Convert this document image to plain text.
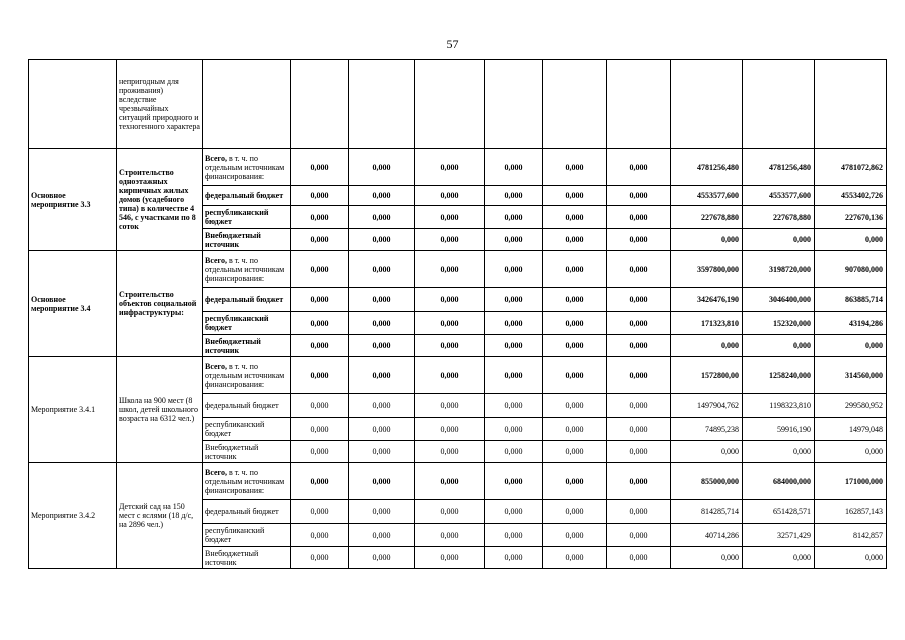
57
	непригодным для проживания) вследствие чрезвычайных ситуаций природного и техногенного характера										
Основное мероприятие 3.3	Строительство одноэтажных кирпичных жилых домов (усадебного типа) в количестве 4 546, с участками по 8 соток	Всего, в т. ч. по отдельным источникам финансирования:	0,000	0,000	0,000	0,000	0,000	0,000	4781256,480	4781256,480	4781072,862
		федеральный бюджет	0,000	0,000	0,000	0,000	0,000	0,000	4553577,600	4553577,600	4553402,726
		республиканский бюджет	0,000	0,000	0,000	0,000	0,000	0,000	227678,880	227678,880	227670,136
		Внебюджетный источник	0,000	0,000	0,000	0,000	0,000	0,000	0,000	0,000	0,000
Основное мероприятие 3.4	Строительство объектов социальной инфраструктуры:	Всего, в т. ч. по отдельным источникам финансирования:	0,000	0,000	0,000	0,000	0,000	0,000	3597800,000	3198720,000	907080,000
		федеральный бюджет	0,000	0,000	0,000	0,000	0,000	0,000	3426476,190	3046400,000	863885,714
		республиканский бюджет	0,000	0,000	0,000	0,000	0,000	0,000	171323,810	152320,000	43194,286
		Внебюджетный источник	0,000	0,000	0,000	0,000	0,000	0,000	0,000	0,000	0,000
Мероприятие 3.4.1	Школа на 900 мест (8 школ, детей школьного возраста на 6312 чел.)	Всего, в т. ч. по отдельным источникам финансирования:	0,000	0,000	0,000	0,000	0,000	0,000	1572800,00	1258240,000	314560,000
		федеральный бюджет	0,000	0,000	0,000	0,000	0,000	0,000	1497904,762	1198323,810	299580,952
		республиканский бюджет	0,000	0,000	0,000	0,000	0,000	0,000	74895,238	59916,190	14979,048
		Внебюджетный источник	0,000	0,000	0,000	0,000	0,000	0,000	0,000	0,000	0,000
Мероприятие 3.4.2	Детский сад на 150 мест с яслями (18 д/с, на 2896 чел.)	Всего, в т. ч. по отдельным источникам финансирования:	0,000	0,000	0,000	0,000	0,000	0,000	855000,000	684000,000	171000,000
		федеральный бюджет	0,000	0,000	0,000	0,000	0,000	0,000	814285,714	651428,571	162857,143
		республиканский бюджет	0,000	0,000	0,000	0,000	0,000	0,000	40714,286	32571,429	8142,857
		Внебюджетный источник	0,000	0,000	0,000	0,000	0,000	0,000	0,000	0,000	0,000
